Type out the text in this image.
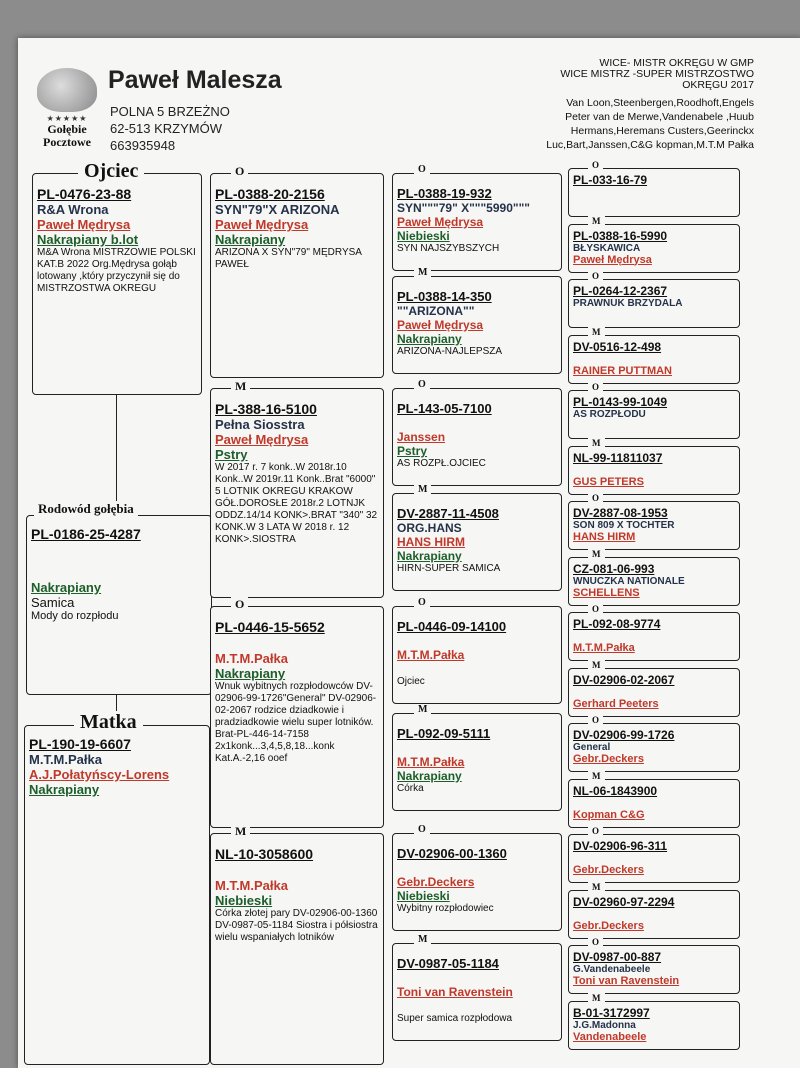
★★★★★
Gołębie
Pocztowe
Paweł Malesza
POLNA 5 BRZEŻNO
62-513 KRZYMÓW
663935948
WICE- MISTR OKRĘGU W GMP
WICE MISTRZ -SUPER MISTRZOSTWO
OKRĘGU 2017
Van Loon,Steenbergen,Roodhoft,Engels
Peter van de Merwe,Vandenabele ,Huub
Hermans,Heremans Custers,Geerinckx
Luc,Bart,Janssen,C&G kopman,M.T.M Pałka
PL-0476-23-88
R&A Wrona
Paweł Mędrysa
Nakrapiany b.lot
M&A Wrona MISTRZOWIE POLSKI KAT.B 2022 Org.Mędrysa gołąb lotowany ,który przyczynił się do MISTRZOSTWA OKREGU
Ojciec
PL-0186-25-4287
Nakrapiany
Samica
Mody do rozpłodu
Rodowód gołębia
PL-190-19-6607
M.T.M.Pałka
A.J.Połatyńscy-Lorens
Nakrapiany
Matka
PL-0388-20-2156
SYN"79"X ARIZONA
Paweł Mędrysa
Nakrapiany
ARIZONA X SYN"79" MĘDRYSA PAWEŁ
O
PL-388-16-5100
Pełna Siosstra
Paweł Mędrysa
Pstry
W 2017 r. 7 konk..W 2018r.10 Konk..W 2019r.11 Konk..Brat "6000" 5 LOTNIK OKREGU KRAKOW GÓŁ.DOROSŁE 2018r.2 LOTNJK ODDZ.14/14 KONK>.BRAT "340" 32 KONK.W 3 LATA W 2018 r. 12 KONK>.SIOSTRA
M
PL-0446-15-5652
M.T.M.Pałka
Nakrapiany
Wnuk wybitnych rozpłodowców DV-02906-99-1726"General" DV-02906-02-2067 rodzice dziadkowie i pradziadkowie wielu super lotników. Brat-PL-446-14-7158 2x1konk...3,4,5,8,18...konk Kat.A.-2,16 ooef
O
NL-10-3058600
M.T.M.Pałka
Niebieski
Córka złotej pary DV-02906-00-1360 DV-0987-05-1184 Siostra i półsiostra wielu wspaniałych lotników
M
PL-0388-19-932
SYN"""79" X"""5990"""
Paweł Mędrysa
Niebieski
SYN NAJSZYBSZYCH
O
PL-0388-14-350
""ARIZONA""
Paweł Mędrysa
Nakrapiany
ARIZONA-NAJLEPSZA
M
PL-143-05-7100
Janssen
Pstry
AS ROZPŁ.OJCIEC
O
DV-2887-11-4508
ORG.HANS
HANS HIRM
Nakrapiany
HIRN-SUPER SAMICA
M
PL-0446-09-14100
M.T.M.Pałka
Ojciec
O
PL-092-09-5111
M.T.M.Pałka
Nakrapiany
Córka
M
DV-02906-00-1360
Gebr.Deckers
Niebieski
Wybitny rozpłodowiec
O
DV-0987-05-1184
Toni van Ravenstein
Super samica rozpłodowa
M
PL-033-16-79
O
PL-0388-16-5990
BŁYSKAWICA
Paweł Mędrysa
M
PL-0264-12-2367
PRAWNUK BRZYDALA
O
DV-0516-12-498
RAINER PUTTMAN
M
PL-0143-99-1049
AS ROZPŁODU
O
NL-99-11811037
GUS PETERS
M
DV-2887-08-1953
SON 809 X TOCHTER
HANS HIRM
O
CZ-081-06-993
WNUCZKA NATIONALE
SCHELLENS
M
PL-092-08-9774
M.T.M.Pałka
O
DV-02906-02-2067
Gerhard Peeters
M
DV-02906-99-1726
General
Gebr.Deckers
O
NL-06-1843900
Kopman C&G
M
DV-02906-96-311
Gebr.Deckers
O
DV-02960-97-2294
Gebr.Deckers
M
DV-0987-00-887
G.Vandenabeele
Toni van Ravenstein
O
B-01-3172997
J.G.Madonna
Vandenabeele
M
